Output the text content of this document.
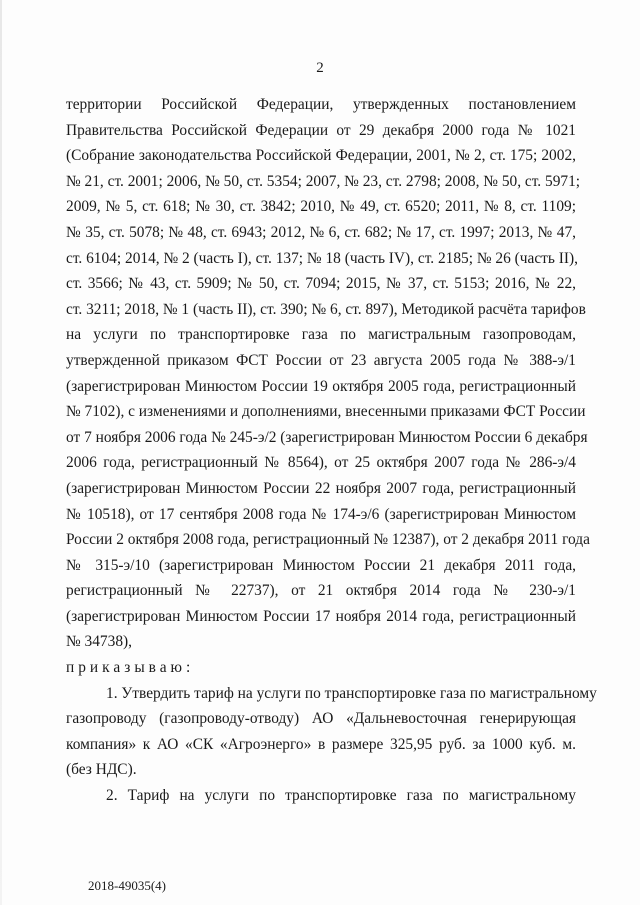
2
территории Российской Федерации, утвержденных постановлением
Правительства Российской Федерации от 29 декабря 2000 года № 1021
(Собрание законодательства Российской Федерации, 2001, № 2, ст. 175; 2002,
№ 21, ст. 2001; 2006, № 50, ст. 5354; 2007, № 23, ст. 2798; 2008, № 50, ст. 5971;
2009, № 5, ст. 618; № 30, ст. 3842; 2010, № 49, ст. 6520; 2011, № 8, ст. 1109;
№ 35, ст. 5078; № 48, ст. 6943; 2012, № 6, ст. 682; № 17, ст. 1997; 2013, № 47,
ст. 6104; 2014, № 2 (часть I), ст. 137; № 18 (часть IV), ст. 2185; № 26 (часть II),
ст. 3566; № 43, ст. 5909; № 50, ст. 7094; 2015, № 37, ст. 5153; 2016, № 22,
ст. 3211; 2018, № 1 (часть II), ст. 390; № 6, ст. 897), Методикой расчёта тарифов
на услуги по транспортировке газа по магистральным газопроводам,
утвержденной приказом ФСТ России от 23 августа 2005 года № 388-э/1
(зарегистрирован Минюстом России 19 октября 2005 года, регистрационный
№ 7102), с изменениями и дополнениями, внесенными приказами ФСТ России
от 7 ноября 2006 года № 245-э/2 (зарегистрирован Минюстом России 6 декабря
2006 года, регистрационный № 8564), от 25 октября 2007 года № 286-э/4
(зарегистрирован Минюстом России 22 ноября 2007 года, регистрационный
№ 10518), от 17 сентября 2008 года № 174-э/6 (зарегистрирован Минюстом
России 2 октября 2008 года, регистрационный № 12387), от 2 декабря 2011 года
№ 315-э/10 (зарегистрирован Минюстом России 21 декабря 2011 года,
регистрационный № 22737), от 21 октября 2014 года № 230-э/1
(зарегистрирован Минюстом России 17 ноября 2014 года, регистрационный
№ 34738),
приказываю:
1. Утвердить тариф на услуги по транспортировке газа по магистральному
газопроводу (газопроводу-отводу) АО «Дальневосточная генерирующая
компания» к АО «СК «Агроэнерго» в размере 325,95 руб. за 1000 куб. м.
(без НДС).
2. Тариф на услуги по транспортировке газа по магистральному
2018-49035(4)
